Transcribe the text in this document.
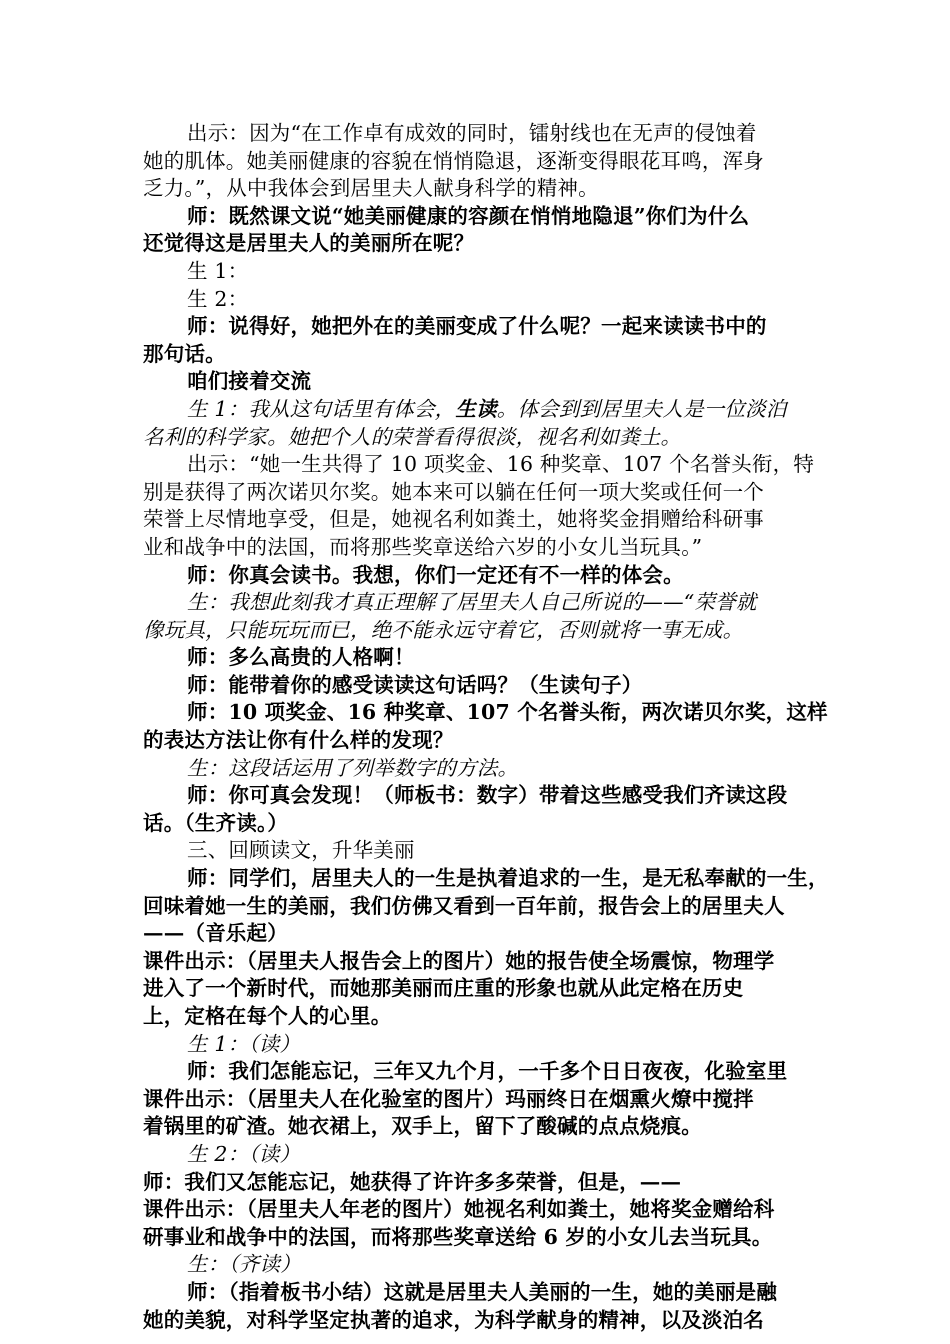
出示：因为“在工作卓有成效的同时，镭射线也在无声的侵蚀着
她的肌体。她美丽健康的容貌在悄悄隐退，逐渐变得眼花耳鸣，浑身
乏力。”，从中我体会到居里夫人献身科学的精神。
师：既然课文说“她美丽健康的容颜在悄悄地隐退”你们为什么
还觉得这是居里夫人的美丽所在呢？
生 1：
生 2：
师：说得好，她把外在的美丽变成了什么呢？一起来读读书中的
那句话。
咱们接着交流
生 1：我从这句话里有体会，生读。体会到到居里夫人是一位淡泊
名利的科学家。她把个人的荣誉看得很淡，视名利如粪土。
出示：“她一生共得了 10 项奖金、16 种奖章、107 个名誉头衔，特
别是获得了两次诺贝尔奖。她本来可以躺在任何一项大奖或任何一个
荣誉上尽情地享受，但是，她视名利如粪土，她将奖金捐赠给科研事
业和战争中的法国，而将那些奖章送给六岁的小女儿当玩具。”
师：你真会读书。我想，你们一定还有不一样的体会。
生：我想此刻我才真正理解了居里夫人自己所说的——“荣誉就
像玩具，只能玩玩而已，绝不能永远守着它，否则就将一事无成。
师：多么高贵的人格啊！
师：能带着你的感受读读这句话吗？（生读句子）
师：10 项奖金、16 种奖章、107 个名誉头衔，两次诺贝尔奖，这样
的表达方法让你有什么样的发现？
生：这段话运用了列举数字的方法。
师：你可真会发现！（师板书：数字）带着这些感受我们齐读这段
话。（生齐读。）
三、回顾读文，升华美丽
师：同学们，居里夫人的一生是执着追求的一生，是无私奉献的一生，
回味着她一生的美丽，我们仿佛又看到一百年前，报告会上的居里夫人
——（音乐起）
课件出示：（居里夫人报告会上的图片）她的报告使全场震惊，物理学
进入了一个新时代，而她那美丽而庄重的形象也就从此定格在历史
上，定格在每个人的心里。
生 1：（读）
师：我们怎能忘记，三年又九个月，一千多个日日夜夜，化验室里
课件出示：（居里夫人在化验室的图片）玛丽终日在烟熏火燎中搅拌
着锅里的矿渣。她衣裙上，双手上，留下了酸碱的点点烧痕。
生 2：（读）
师：我们又怎能忘记，她获得了许许多多荣誉，但是，——
课件出示：（居里夫人年老的图片）她视名利如粪土，她将奖金赠给科
研事业和战争中的法国，而将那些奖章送给 6 岁的小女儿去当玩具。
生：（齐读）
师：（指着板书小结）这就是居里夫人美丽的一生，她的美丽是融
她的美貌，对科学坚定执著的追求，为科学献身的精神，以及淡泊名
